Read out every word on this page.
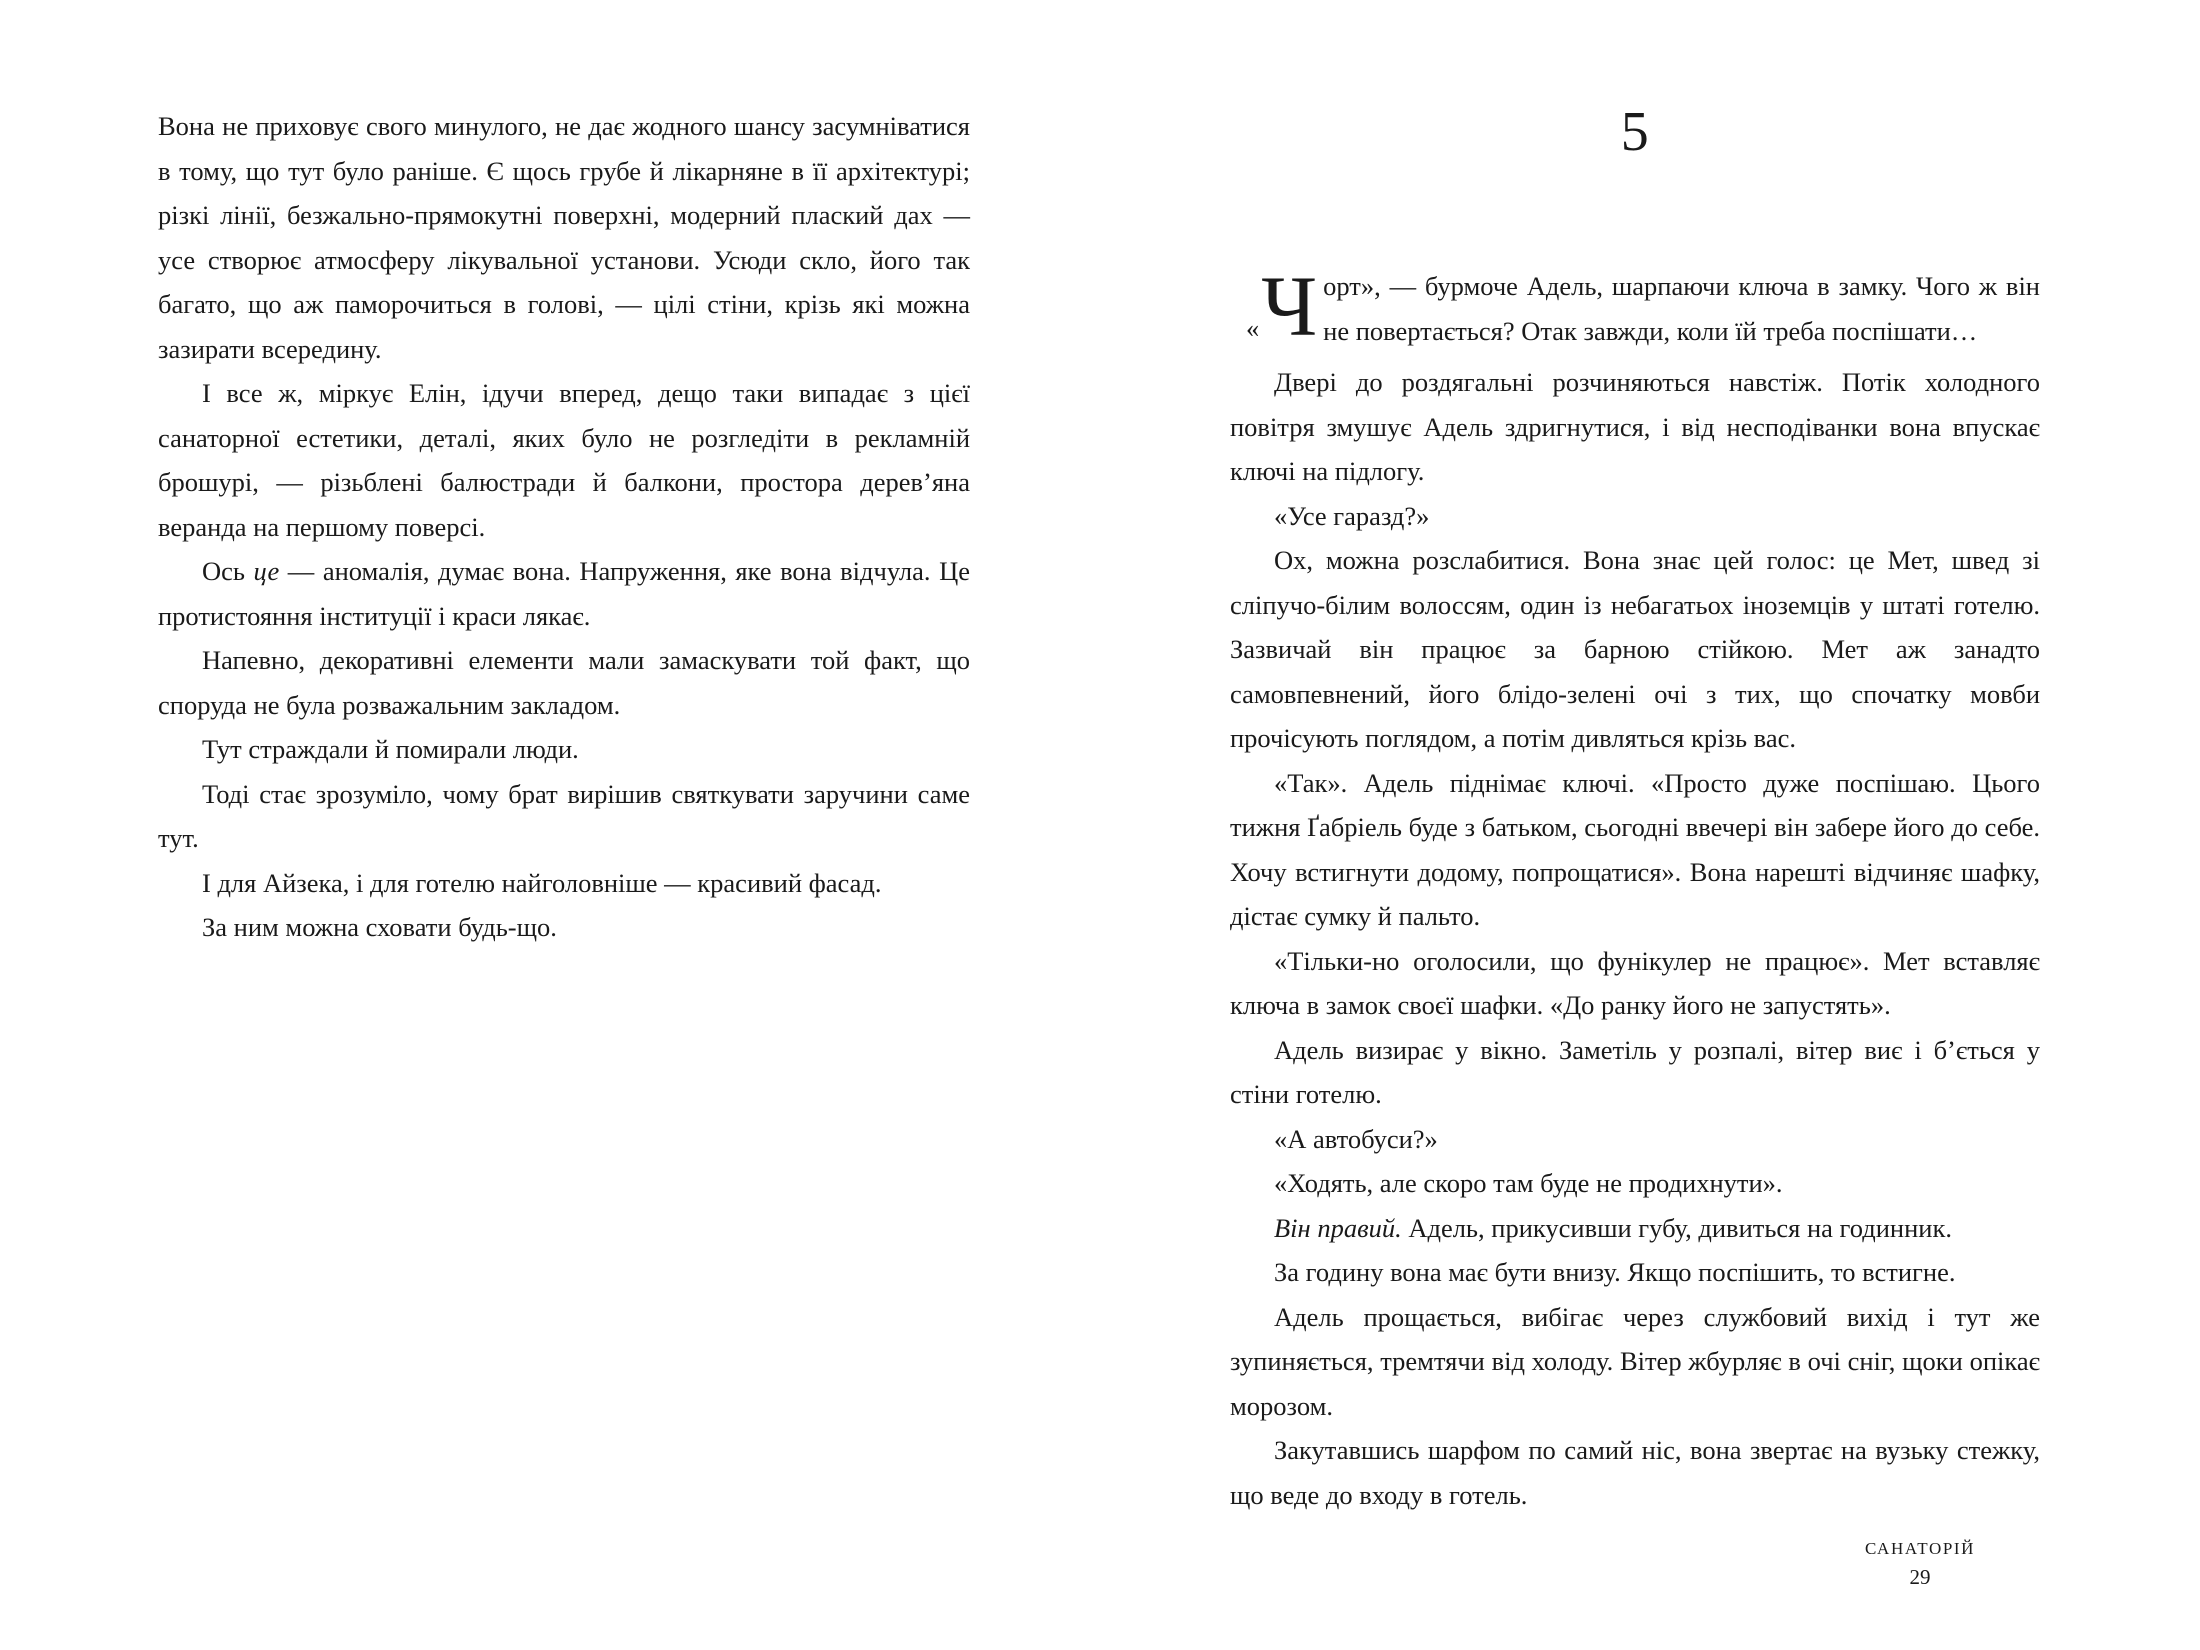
Вона не приховує свого минулого, не дає жодного шансу засумніватися в тому, що тут було раніше. Є щось грубе й лікарняне в її архітектурі; різкі лінії, безжально-прямокутні поверхні, модерний плаский дах — усе створює атмосферу лікувальної установи. Усюди скло, його так багато, що аж паморочиться в голові, — цілі стіни, крізь які можна зазирати всередину.

І все ж, міркує Елін, ідучи вперед, дещо таки випадає з цієї санаторної естетики, деталі, яких було не розгледіти в рекламній брошурі, — різьблені балюстради й балкони, простора дерев’яна веранда на першому поверсі.

Ось це — аномалія, думає вона. Напруження, яке вона відчула. Це протистояння інституції і краси лякає.

Напевно, декоративні елементи мали замаскувати той факт, що споруда не була розважальним закладом.

Тут страждали й помирали люди.

Тоді стає зрозуміло, чому брат вирішив святкувати заручини саме тут.

І для Айзека, і для готелю найголовніше — красивий фасад.

За ним можна сховати будь-що.

5
« Ч орт», — бурмоче Адель, шарпаючи ключа в замку. Чого ж він не повертається? Отак завжди, коли їй треба поспішати…

Двері до роздягальні розчиняються навстіж. Потік холодного повітря змушує Адель здригнутися, і від несподіванки вона впускає ключі на підлогу.

«Усе гаразд?»

Ох, можна розслабитися. Вона знає цей голос: це Мет, швед зі сліпучо-білим волоссям, один із небагатьох іноземців у штаті готелю. Зазвичай він працює за барною стійкою. Мет аж занадто самовпевнений, його блідо-зелені очі з тих, що спочатку мовби прочісують поглядом, а потім дивляться крізь вас.

«Так». Адель піднімає ключі. «Просто дуже поспішаю. Цього тижня Ґабріель буде з батьком, сьогодні ввечері він забере його до себе. Хочу встигнути додому, попрощатися». Вона нарешті відчиняє шафку, дістає сумку й пальто.

«Тільки-но оголосили, що фунікулер не працює». Мет вставляє ключа в замок своєї шафки. «До ранку його не запустять».

Адель визирає у вікно. Заметіль у розпалі, вітер виє і б’ється у стіни готелю.

«А автобуси?»

«Ходять, але скоро там буде не продихнути».

Він правий. Адель, прикусивши губу, дивиться на годинник.

За годину вона має бути внизу. Якщо поспішить, то встигне.

Адель прощається, вибігає через службовий вихід і тут же зупиняється, тремтячи від холоду. Вітер жбурляє в очі сніг, щоки опікає морозом.

Закутавшись шарфом по самий ніс, вона звертає на вузьку стежку, що веде до входу в готель.

САНАТОРІЙ

29
